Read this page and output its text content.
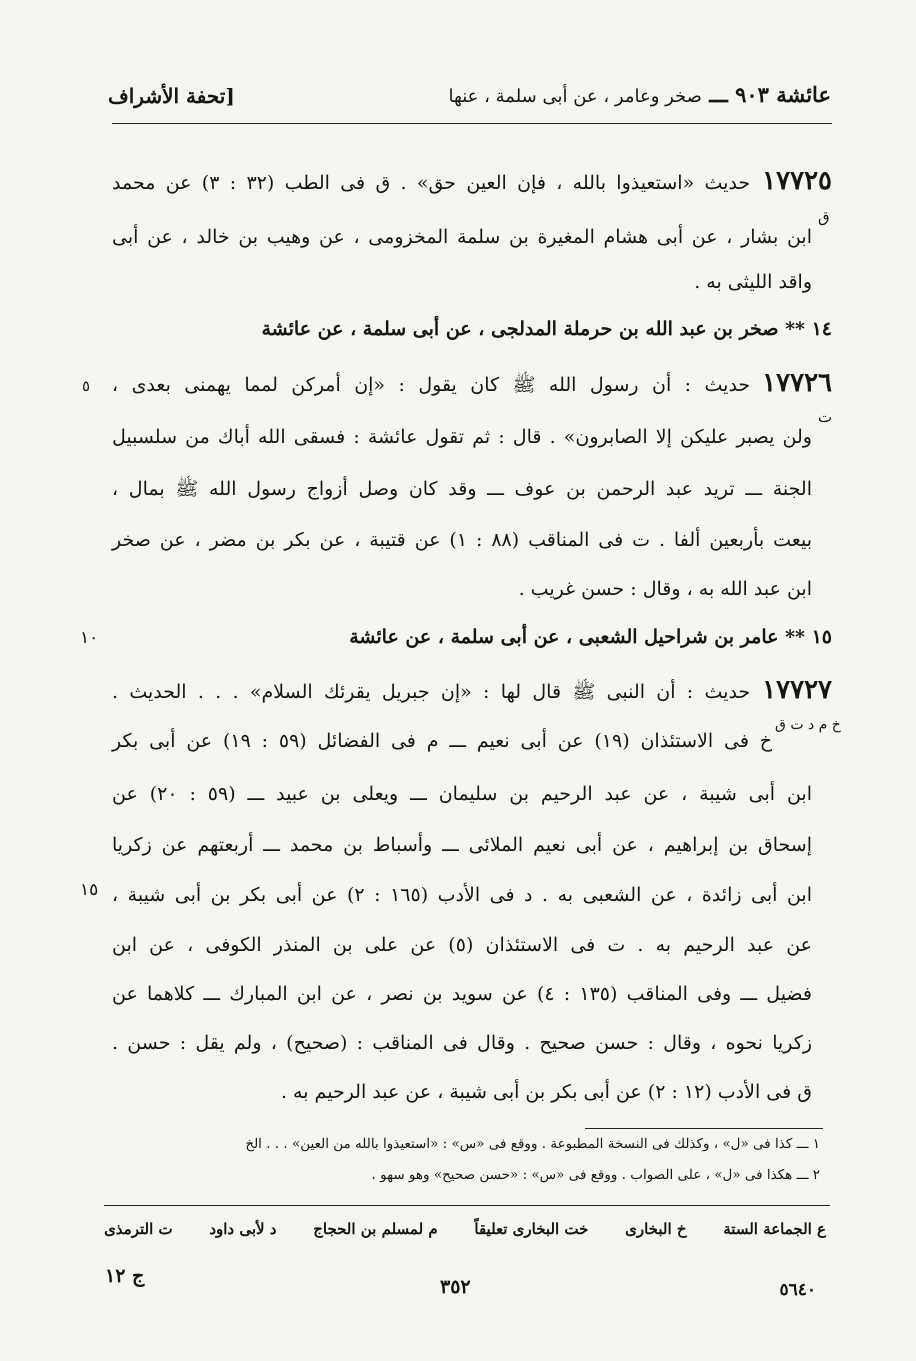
عائشة ٩٠٣ ـــ صخر وعامر ، عن أبى سلمة ، عنها
[تحفة الأشراف
١٧٧٢٥حديث «استعيذوا بالله ، فإن العين حق» . ق فى الطب (٣٢ : ٣) عن محمد
ق
ابن بشار ، عن أبى هشام المغيرة بن سلمة المخزومى ، عن وهيب بن خالد ، عن أبى
واقد الليثى به .
١٤ ** صخر بن عبد الله بن حرملة المدلجى ، عن أبى سلمة ، عن عائشة
٥	١٧٧٢٦حديث : أن رسول الله ﷺ كان يقول : «إن أمركن لمما يهمنى بعدى ،
ت
ولن يصبر عليكن إلا الصابرون» . قال : ثم تقول عائشة : فسقى الله أباك من سلسبيل
الجنة ـــ تريد عبد الرحمن بن عوف ـــ وقد كان وصل أزواج رسول الله ﷺ بمال ،
بيعت بأربعين ألفا . ت فى المناقب (٨٨ : ١) عن قتيبة ، عن بكر بن مضر ، عن صخر
ابن عبد الله به ، وقال : حسن غريب .
١٠	١٥ ** عامر بن شراحيل الشعبى ، عن أبى سلمة ، عن عائشة
١٧٧٢٧حديث : أن النبى ﷺ قال لها : «إن جبريل يقرئك السلام» . . . الحديث .
خ م د ت ق
خ فى الاستئذان (١٩) عن أبى نعيم ـــ م فى الفضائل (٥٩ : ١٩) عن أبى بكر
ابن أبى شيبة ، عن عبد الرحيم بن سليمان ـــ ويعلى بن عبيد ـــ (٥٩ : ٢٠) عن
إسحاق بن إبراهيم ، عن أبى نعيم الملائى ـــ وأسباط بن محمد ـــ أربعتهم عن زكريا
١٥ ابن أبى زائدة ، عن الشعبى به . د فى الأدب (١٦٥ : ٢) عن أبى بكر بن أبى شيبة ،
عن عبد الرحيم به . ت فى الاستئذان (٥) عن على بن المنذر الكوفى ، عن ابن
فضيل ـــ وفى المناقب (١٣٥ : ٤) عن سويد بن نصر ، عن ابن المبارك ـــ كلاهما عن
زكريا نحوه ، وقال : حسن صحيح . وقال فى المناقب : (صحيح) ، ولم يقل : حسن .
ق فى الأدب (١٢ : ٢) عن أبى بكر بن أبى شيبة ، عن عبد الرحيم به .
١ ـــ كذا فى «ل» ، وكذلك فى النسخة المطبوعة . ووقع فى «س» : «استعيذوا بالله من العين» . . . الخ
٢ ـــ هكذا فى «ل» ، على الصواب . ووقع فى «س» : «حسن صحيح» وهو سهو .
ع الجماعة الستة
خ البخارى
خت البخارى تعليقاً
م لمسلم بن الحجاج
د لأبى داود
ت الترمذى
ج ١٢	٣٥٢	٥٦٤٠
